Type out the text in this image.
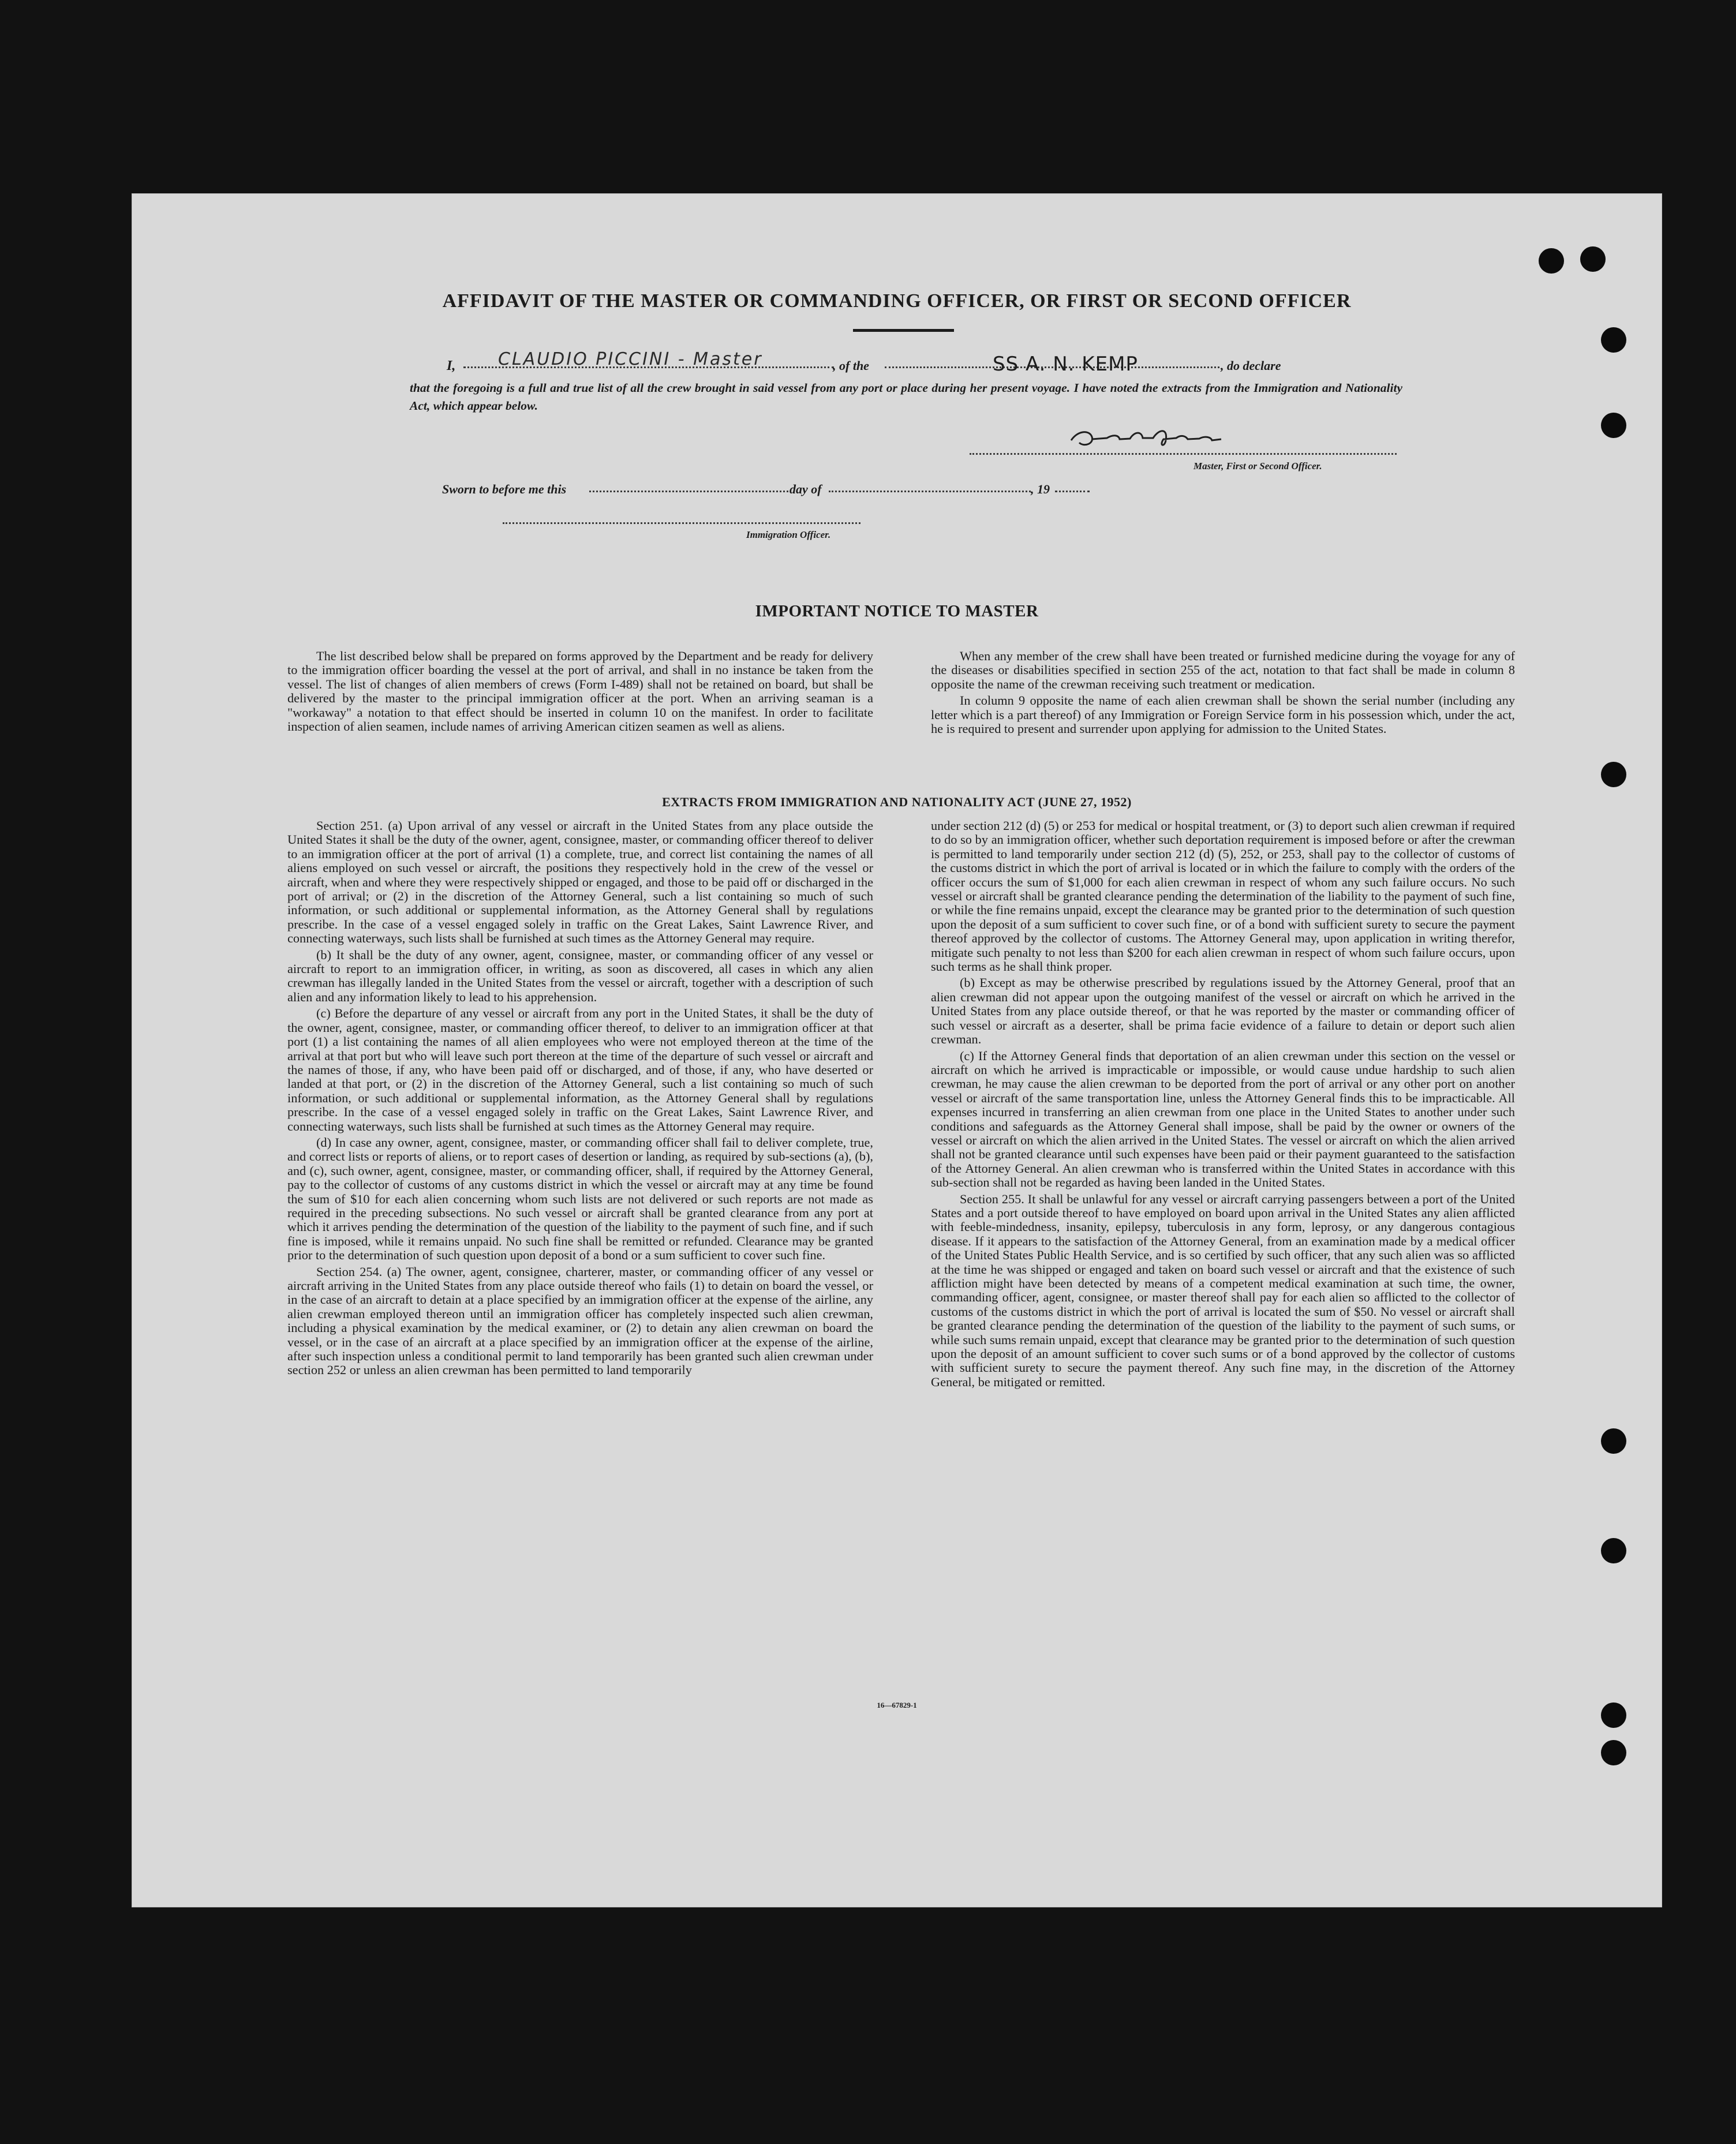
AFFIDAVIT OF THE MASTER OR COMMANDING OFFICER, OR FIRST OR SECOND OFFICER
I, CLAUDIO PICCINI - Master	, of the	SS A. N. KEMP	, do declare
that the foregoing is a full and true list of all the crew brought in said vessel from any port or place during her present voyage. I have noted the extracts from the Immigration and Nationality Act, which appear below.
Master, First or Second Officer.
Sworn to before me this	day of	, 19
Immigration Officer.
IMPORTANT NOTICE TO MASTER

The list described below shall be prepared on forms approved by the Department and be ready for delivery to the immigration officer boarding the vessel at the port of arrival, and shall in no instance be taken from the vessel. The list of changes of alien members of crews (Form I-489) shall not be retained on board, but shall be delivered by the master to the principal immigration officer at the port. When an arriving seaman is a "workaway" a notation to that effect should be inserted in column 10 on the manifest. In order to facilitate inspection of alien seamen, include names of arriving American citizen seamen as well as aliens.

When any member of the crew shall have been treated or furnished medicine during the voyage for any of the diseases or disabilities specified in section 255 of the act, notation to that fact shall be made in column 8 opposite the name of the crewman receiving such treatment or medication.

In column 9 opposite the name of each alien crewman shall be shown the serial number (including any letter which is a part thereof) of any Immigration or Foreign Service form in his possession which, under the act, he is required to present and surrender upon applying for admission to the United States.

EXTRACTS FROM IMMIGRATION AND NATIONALITY ACT (JUNE 27, 1952)

Section 251. (a) Upon arrival of any vessel or aircraft in the United States from any place outside the United States it shall be the duty of the owner, agent, consignee, master, or commanding officer thereof to deliver to an immigration officer at the port of arrival (1) a complete, true, and correct list containing the names of all aliens employed on such vessel or aircraft, the positions they respectively hold in the crew of the vessel or aircraft, when and where they were respectively shipped or engaged, and those to be paid off or discharged in the port of arrival; or (2) in the discretion of the Attorney General, such a list containing so much of such information, or such additional or supplemental information, as the Attorney General shall by regulations prescribe. In the case of a vessel engaged solely in traffic on the Great Lakes, Saint Lawrence River, and connecting waterways, such lists shall be furnished at such times as the Attorney General may require.

(b) It shall be the duty of any owner, agent, consignee, master, or commanding officer of any vessel or aircraft to report to an immigration officer, in writing, as soon as discovered, all cases in which any alien crewman has illegally landed in the United States from the vessel or aircraft, together with a description of such alien and any information likely to lead to his apprehension.

(c) Before the departure of any vessel or aircraft from any port in the United States, it shall be the duty of the owner, agent, consignee, master, or commanding officer thereof, to deliver to an immigration officer at that port (1) a list containing the names of all alien employees who were not employed thereon at the time of the arrival at that port but who will leave such port thereon at the time of the departure of such vessel or aircraft and the names of those, if any, who have been paid off or discharged, and of those, if any, who have deserted or landed at that port, or (2) in the discretion of the Attorney General, such a list containing so much of such information, or such additional or supplemental information, as the Attorney General shall by regulations prescribe. In the case of a vessel engaged solely in traffic on the Great Lakes, Saint Lawrence River, and connecting waterways, such lists shall be furnished at such times as the Attorney General may require.

(d) In case any owner, agent, consignee, master, or commanding officer shall fail to deliver complete, true, and correct lists or reports of aliens, or to report cases of desertion or landing, as required by sub-sections (a), (b), and (c), such owner, agent, consignee, master, or commanding officer, shall, if required by the Attorney General, pay to the collector of customs of any customs district in which the vessel or aircraft may at any time be found the sum of $10 for each alien concerning whom such lists are not delivered or such reports are not made as required in the preceding subsections. No such vessel or aircraft shall be granted clearance from any port at which it arrives pending the determination of the question of the liability to the payment of such fine, and if such fine is imposed, while it remains unpaid. No such fine shall be remitted or refunded. Clearance may be granted prior to the determination of such question upon deposit of a bond or a sum sufficient to cover such fine.

Section 254. (a) The owner, agent, consignee, charterer, master, or commanding officer of any vessel or aircraft arriving in the United States from any place outside thereof who fails (1) to detain on board the vessel, or in the case of an aircraft to detain at a place specified by an immigration officer at the expense of the airline, any alien crewman employed thereon until an immigration officer has completely inspected such alien crewman, including a physical examination by the medical examiner, or (2) to detain any alien crewman on board the vessel, or in the case of an aircraft at a place specified by an immigration officer at the expense of the airline, after such inspection unless a conditional permit to land temporarily has been granted such alien crewman under section 252 or unless an alien crewman has been permitted to land temporarily

under section 212 (d) (5) or 253 for medical or hospital treatment, or (3) to deport such alien crewman if required to do so by an immigration officer, whether such deportation requirement is imposed before or after the crewman is permitted to land temporarily under section 212 (d) (5), 252, or 253, shall pay to the collector of customs of the customs district in which the port of arrival is located or in which the failure to comply with the orders of the officer occurs the sum of $1,000 for each alien crewman in respect of whom any such failure occurs. No such vessel or aircraft shall be granted clearance pending the determination of the liability to the payment of such fine, or while the fine remains unpaid, except the clearance may be granted prior to the determination of such question upon the deposit of a sum sufficient to cover such fine, or of a bond with sufficient surety to secure the payment thereof approved by the collector of customs. The Attorney General may, upon application in writing therefor, mitigate such penalty to not less than $200 for each alien crewman in respect of whom such failure occurs, upon such terms as he shall think proper.

(b) Except as may be otherwise prescribed by regulations issued by the Attorney General, proof that an alien crewman did not appear upon the outgoing manifest of the vessel or aircraft on which he arrived in the United States from any place outside thereof, or that he was reported by the master or commanding officer of such vessel or aircraft as a deserter, shall be prima facie evidence of a failure to detain or deport such alien crewman.

(c) If the Attorney General finds that deportation of an alien crewman under this section on the vessel or aircraft on which he arrived is impracticable or impossible, or would cause undue hardship to such alien crewman, he may cause the alien crewman to be deported from the port of arrival or any other port on another vessel or aircraft of the same transportation line, unless the Attorney General finds this to be impracticable. All expenses incurred in transferring an alien crewman from one place in the United States to another under such conditions and safeguards as the Attorney General shall impose, shall be paid by the owner or owners of the vessel or aircraft on which the alien arrived in the United States. The vessel or aircraft on which the alien arrived shall not be granted clearance until such expenses have been paid or their payment guaranteed to the satisfaction of the Attorney General. An alien crewman who is transferred within the United States in accordance with this sub-section shall not be regarded as having been landed in the United States.

Section 255. It shall be unlawful for any vessel or aircraft carrying passengers between a port of the United States and a port outside thereof to have employed on board upon arrival in the United States any alien afflicted with feeble-mindedness, insanity, epilepsy, tuberculosis in any form, leprosy, or any dangerous contagious disease. If it appears to the satisfaction of the Attorney General, from an examination made by a medical officer of the United States Public Health Service, and is so certified by such officer, that any such alien was so afflicted at the time he was shipped or engaged and taken on board such vessel or aircraft and that the existence of such affliction might have been detected by means of a competent medical examination at such time, the owner, commanding officer, agent, consignee, or master thereof shall pay for each alien so afflicted to the collector of customs of the customs district in which the port of arrival is located the sum of $50. No vessel or aircraft shall be granted clearance pending the determination of the question of the liability to the payment of such sums, or while such sums remain unpaid, except that clearance may be granted prior to the determination of such question upon the deposit of an amount sufficient to cover such sums or of a bond approved by the collector of customs with sufficient surety to secure the payment thereof. Any such fine may, in the discretion of the Attorney General, be mitigated or remitted.

16—67829-1
